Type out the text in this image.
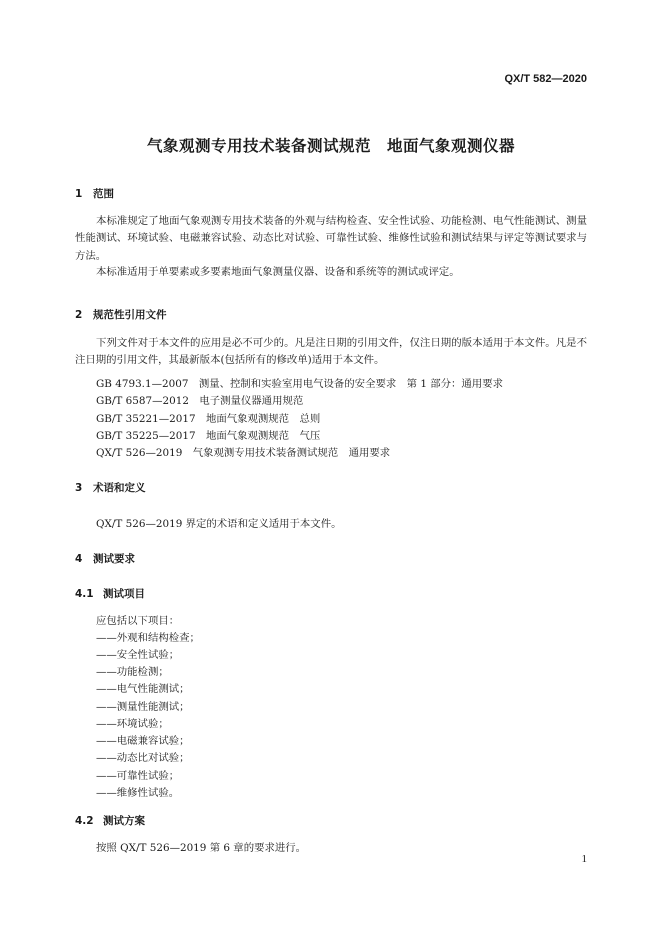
QX/T 582—2020
气象观测专用技术装备测试规范　地面气象观测仪器
1 范围
本标准规定了地面气象观测专用技术装备的外观与结构检查、安全性试验、功能检测、电气性能测试、测量性能测试、环境试验、电磁兼容试验、动态比对试验、可靠性试验、维修性试验和测试结果与评定等测试要求与方法。
本标准适用于单要素或多要素地面气象测量仪器、设备和系统等的测试或评定。
2 规范性引用文件
下列文件对于本文件的应用是必不可少的。凡是注日期的引用文件，仅注日期的版本适用于本文件。凡是不注日期的引用文件，其最新版本(包括所有的修改单)适用于本文件。
GB 4793.1—2007　测量、控制和实验室用电气设备的安全要求　第 1 部分：通用要求
GB/T 6587—2012　电子测量仪器通用规范
GB/T 35221—2017　地面气象观测规范　总则
GB/T 35225—2017　地面气象观测规范　气压
QX/T 526—2019　气象观测专用技术装备测试规范　通用要求
3 术语和定义
QX/T 526—2019 界定的术语和定义适用于本文件。
4 测试要求
4.1 测试项目
应包括以下项目：
——外观和结构检查；
——安全性试验；
——功能检测；
——电气性能测试；
——测量性能测试；
——环境试验；
——电磁兼容试验；
——动态比对试验；
——可靠性试验；
——维修性试验。
4.2 测试方案
按照 QX/T 526—2019 第 6 章的要求进行。
1
